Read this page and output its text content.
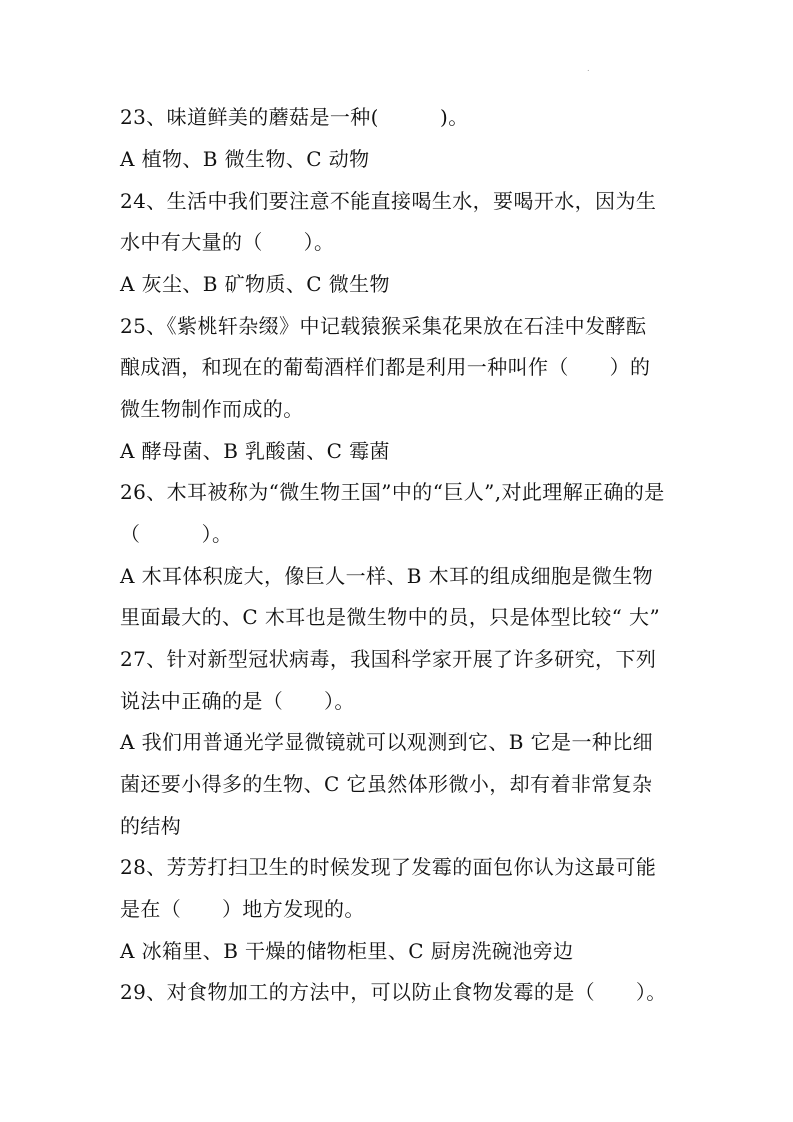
.
23、味道鲜美的蘑菇是一种(　　　)。
A 植物、B 微生物、C 动物
24、生活中我们要注意不能直接喝生水，要喝开水，因为生
水中有大量的（　　）。
A 灰尘、B 矿物质、C 微生物
25、《紫桃轩杂缀》中记载猿猴采集花果放在石洼中发酵酝
酿成酒，和现在的葡萄酒样们都是利用一种叫作（　　）的
微生物制作而成的。
A 酵母菌、B 乳酸菌、C 霉菌
26、木耳被称为“微生物王国”中的“巨人”,对此理解正确的是
（　　　）。
A 木耳体积庞大，像巨人一样、B 木耳的组成细胞是微生物
里面最大的、C 木耳也是微生物中的员，只是体型比较“ 大”
27、针对新型冠状病毒，我国科学家开展了许多研究，下列
说法中正确的是（　　）。
A 我们用普通光学显微镜就可以观测到它、B 它是一种比细
菌还要小得多的生物、C 它虽然体形微小，却有着非常复杂
的结构
28、芳芳打扫卫生的时候发现了发霉的面包你认为这最可能
是在（　　）地方发现的。
A 冰箱里、B 干燥的储物柜里、C 厨房洗碗池旁边
29、对食物加工的方法中，可以防止食物发霉的是（　　）。
